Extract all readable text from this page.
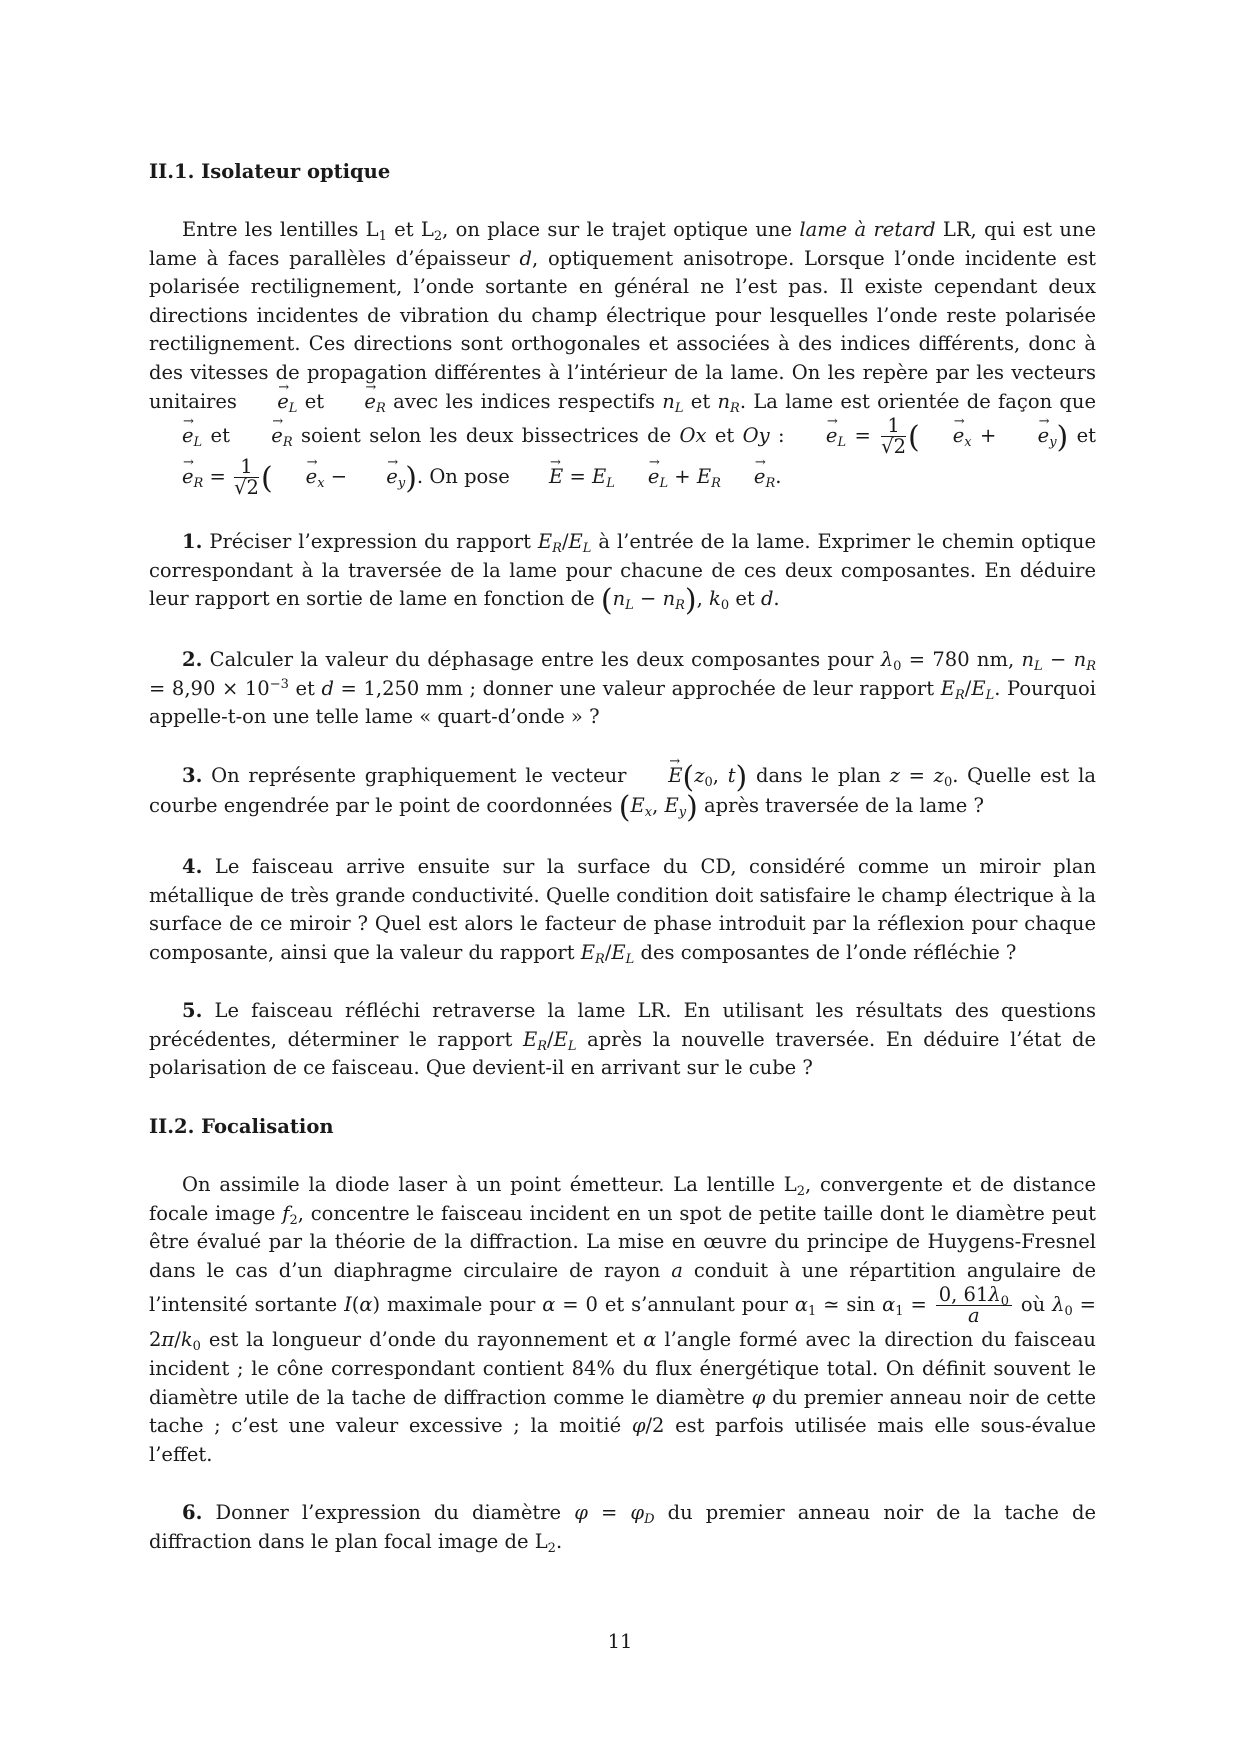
II.1. Isolateur optique

Entre les lentilles $L_1$ et $L_2$, on place sur le trajet optique une lame à retard LR, qui est une lame à faces parallèles d’épaisseur d, optiquement anisotrope. Lorsque l’onde incidente est polarisée rectilignement, l’onde sortante en général ne l’est pas. Il existe cependant deux directions incidentes de vibration du champ électrique pour lesquelles l’onde reste polarisée rectilignement. Ces directions sont orthogonales et associées à des indices différents, donc à des vitesses de propagation différentes à l’intérieur de la lame. On les repère par les vecteurs unitaires → $e_L$ et → $e_R$ avec les indices respectifs $n_L$ et $n_R$. La lame est orientée de façon que → $e_L$ et → $e_R$ soient selon les deux bissectrices de Ox et Oy : → $e_L = \frac{1}{√2}$ ( → $e_x$ + → $e_y$) et → $e_R = \frac{1}{√2}$ ( → $e_x$ − → $e_y$). On pose → $E = E_L \to e_L + E_R \to e_R$.

1. Préciser l’expression du rapport $E_R/E_L$ à l’entrée de la lame. Exprimer le chemin optique correspondant à la traversée de la lame pour chacune de ces deux composantes. En déduire leur rapport en sortie de lame en fonction de $(n_L - n_R)$, $k_0$ et d.

2. Calculer la valeur du déphasage entre les deux composantes pour $\lambda_0 = 780$ nm, $n_L - n_R = 8,90 \times 10^{-3}$ et d = 1,250 mm ; donner une valeur approchée de leur rapport $E_R/E_L$. Pourquoi appelle-t-on une telle lame « quart-d’onde » ?

3. On représente graphiquement le vecteur → $E(z_0$, t) dans le plan $z = z_0$. Quelle est la courbe engendrée par le point de coordonnées ($E_x$, $E_y$) après traversée de la lame ?

4. Le faisceau arrive ensuite sur la surface du CD, considéré comme un miroir plan métallique de très grande conductivité. Quelle condition doit satisfaire le champ électrique à la surface de ce miroir ? Quel est alors le facteur de phase introduit par la réflexion pour chaque composante, ainsi que la valeur du rapport $E_R/E_L$ des composantes de l’onde réfléchie ?

5. Le faisceau réfléchi retraverse la lame LR. En utilisant les résultats des questions précédentes, déterminer le rapport $E_R/E_L$ après la nouvelle traversée. En déduire l’état de polarisation de ce faisceau. Que devient-il en arrivant sur le cube ?

II.2. Focalisation

On assimile la diode laser à un point émetteur. La lentille $L_2$, convergente et de distance focale image $f_2$, concentre le faisceau incident en un spot de petite taille dont le diamètre peut être évalué par la théorie de la diffraction. La mise en œuvre du principe de Huygens-Fresnel dans le cas d’un diaphragme circulaire de rayon a conduit à une répartition angulaire de l’intensité sortante I(α) maximale pour α = 0 et s’annulant pour $\alpha_1$ ≃ $\sin \alpha_1 = \frac{0, 61\lambda_0}{a}$ où $\lambda_0 = 2\pi/k_0$ est la longueur d’onde du rayonnement et α l’angle formé avec la direction du faisceau incident ; le cône correspondant contient 84% du flux énergétique total. On définit souvent le diamètre utile de la tache de diffraction comme le diamètre φ du premier anneau noir de cette tache ; c’est une valeur excessive ; la moitié φ/2 est parfois utilisée mais elle sous-évalue l’effet.

6. Donner l’expression du diamètre $\varphi = \varphi_D$ du premier anneau noir de la tache de diffraction dans le plan focal image de $L_2$.

11
